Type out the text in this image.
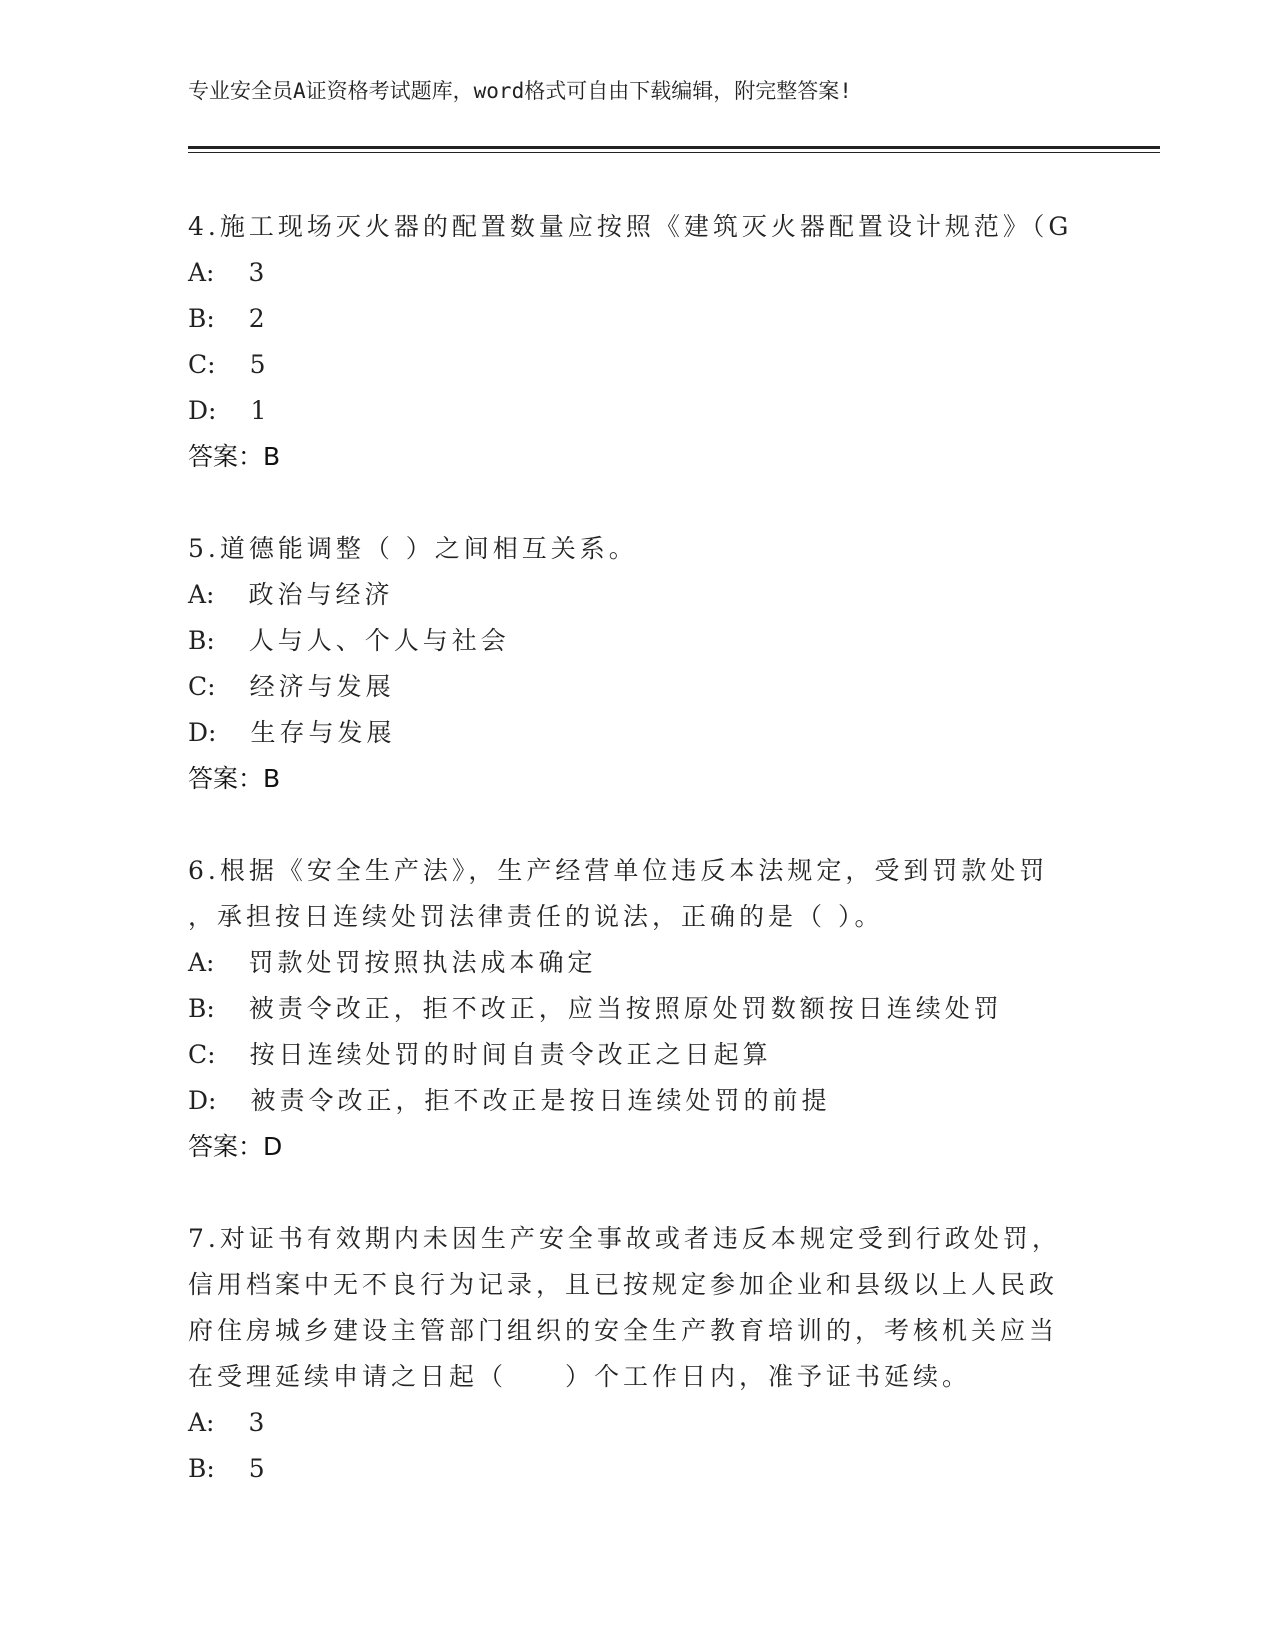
专业安全员A证资格考试题库，word格式可自由下载编辑，附完整答案!
4.施工现场灭火器的配置数量应按照《建筑灭火器配置设计规范》（G
A: 3
B: 2
C: 5
D: 1
答案：B
5.道德能调整（ ）之间相互关系。
A: 政治与经济
B: 人与人、个人与社会
C: 经济与发展
D: 生存与发展
答案：B
6.根据《安全生产法》，生产经营单位违反本法规定，受到罚款处罚
，承担按日连续处罚法律责任的说法，正确的是（ ）。
A: 罚款处罚按照执法成本确定
B: 被责令改正，拒不改正，应当按照原处罚数额按日连续处罚
C: 按日连续处罚的时间自责令改正之日起算
D: 被责令改正，拒不改正是按日连续处罚的前提
答案：D
7.对证书有效期内未因生产安全事故或者违反本规定受到行政处罚，
信用档案中无不良行为记录，且已按规定参加企业和县级以上人民政
府住房城乡建设主管部门组织的安全生产教育培训的，考核机关应当
在受理延续申请之日起（　　）个工作日内，准予证书延续。
A: 3
B: 5
